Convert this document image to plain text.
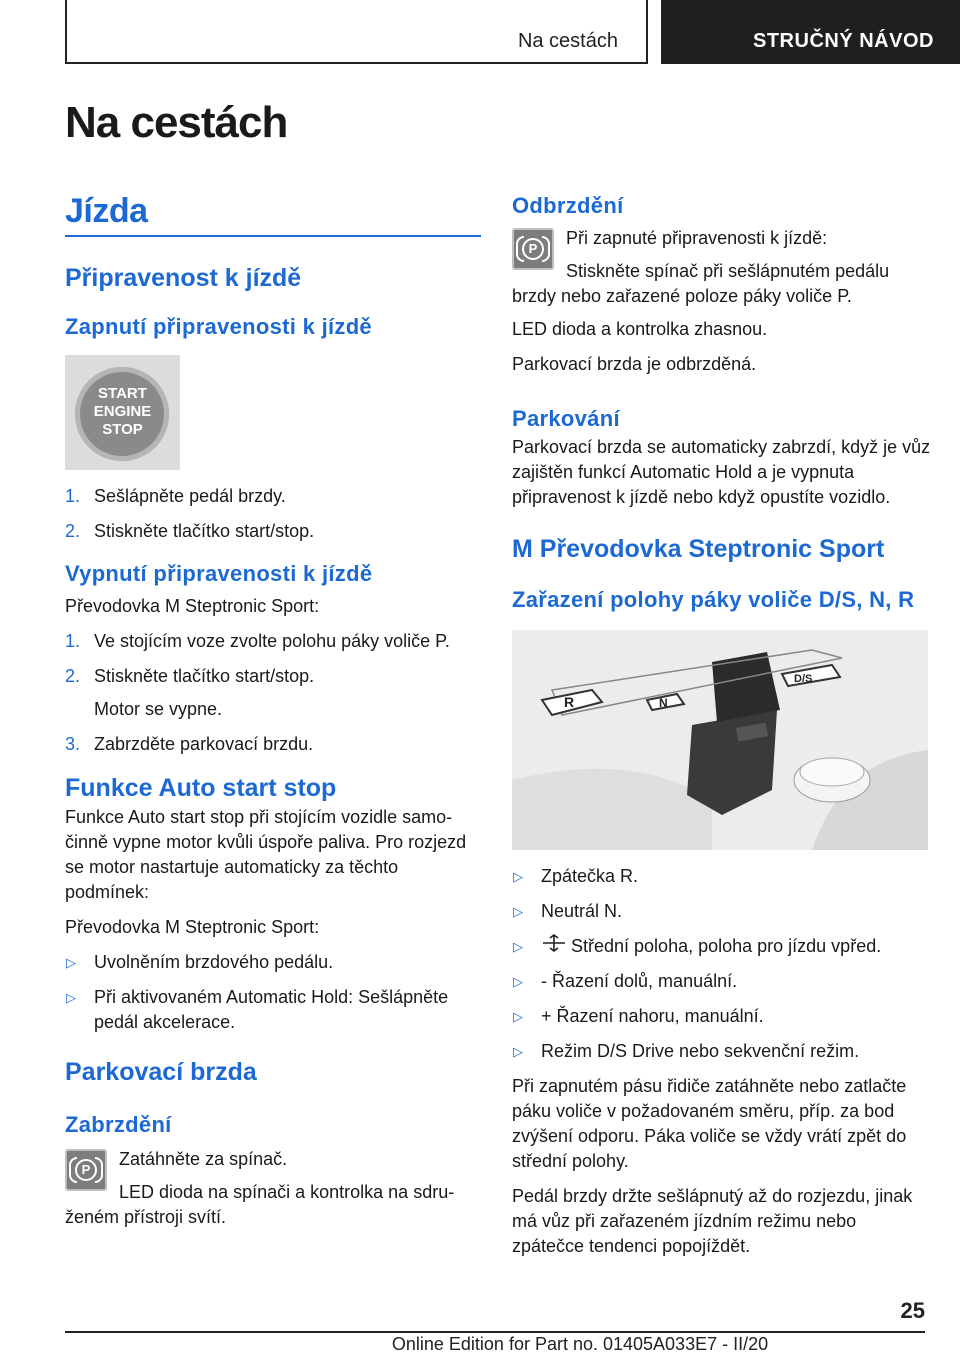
Na cestách	STRUČNÝ NÁVOD
Na cestách
Jízda
Připravenost k jízdě
Zapnutí připravenosti k jízdě
START
ENGINE
STOP
1. Sešlápněte pedál brzdy.
2. Stiskněte tlačítko start/stop.
Vypnutí připravenosti k jízdě

Převodovka M Steptronic Sport:

1. Ve stojícím voze zvolte polohu páky voliče P.
2. Stiskněte tlačítko start/stop.
Motor se vypne.
3. Zabrzděte parkovací brzdu.
Funkce Auto start stop

Funkce Auto start stop při stojícím vozidle samočinně vypne motor kvůli úspoře paliva. Pro rozjezd se motor nastartuje automaticky za těchto podmínek:

Převodovka M Steptronic Sport:

▷ Uvolněním brzdového pedálu.
▷ Při aktivovaném Automatic Hold: Sešlápněte pedál akcelerace.
Parkovací brzda
Zabrzdění
P

Zatáhněte za spínač.

LED dioda na spínači a kontrolka na sdruženém přístroji svítí.

Odbrzdění
P

Při zapnuté připravenosti k jízdě:

Stiskněte spínač při sešlápnutém pedálu brzdy nebo zařazené poloze páky voliče P.

LED dioda a kontrolka zhasnou.

Parkovací brzda je odbrzděná.

Parkování

Parkovací brzda se automaticky zabrzdí, když je vůz zajištěn funkcí Automatic Hold a je vypnuta připravenost k jízdě nebo když opustíte vozidlo.

M Převodovka Steptronic Sport
Zařazení polohy páky voliče D/S, N, R
R	N
D/S
▷ Zpátečka R.
▷ Neutrál N.
▷	Střední poloha, poloha pro jízdu vpřed.
▷ - Řazení dolů, manuální.
▷ + Řazení nahoru, manuální.
▷ Režim D/S Drive nebo sekvenční režim.

Při zapnutém pásu řidiče zatáhněte nebo zatlačte páku voliče v požadovaném směru, příp. za bod zvýšení odporu. Páka voliče se vždy vrátí zpět do střední polohy.

Pedál brzdy držte sešlápnutý až do rozjezdu, jinak má vůz při zařazeném jízdním režimu nebo zpátečce tendenci popojíždět.

25
Online Edition for Part no. 01405A033E7 - II/20
